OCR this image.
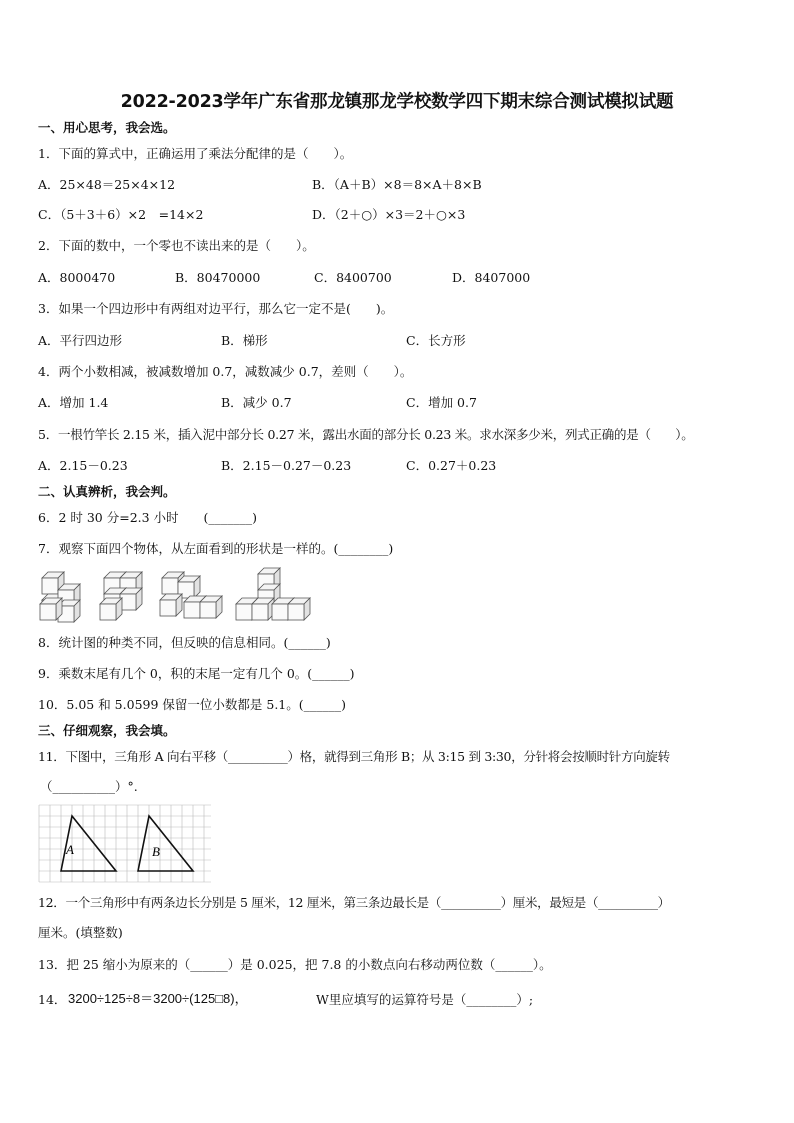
2022-2023学年广东省那龙镇那龙学校数学四下期末综合测试模拟试题
一、用心思考，我会选。
1．下面的算式中，正确运用了乘法分配律的是（　　）。
A．25×48＝25×4×12	B．（A＋B）×8＝8×A＋8×B
C．（5＋3＋6）×2　=14×2	D．（2＋○）×3＝2＋○×3
2．下面的数中，一个零也不读出来的是（　　）。
A．8000470	B．80470000	C．8400700	D．8407000
3．如果一个四边形中有两组对边平行，那么它一定不是(　　)。
A．平行四边形	B．梯形	C．长方形
4．两个小数相减，被减数增加 0.7，减数减少 0.7，差则（　　）。
A．增加 1.4	B．减少 0.7	C．增加 0.7
5．一根竹竿长 2.15 米，插入泥中部分长 0.27 米，露出水面的部分长 0.23 米。求水深多少米，列式正确的是（　　）。
A．2.15－0.23	B．2.15－0.27－0.23	C．0.27＋0.23
二、认真辨析，我会判。
6．2 时 30 分=2.3 小时　　(_______)
7．观察下面四个物体，从左面看到的形状是一样的。(________)
8．统计图的种类不同，但反映的信息相同。(______)
9．乘数末尾有几个 0，积的末尾一定有几个 0。(______)
10．5.05 和 5.0599 保留一位小数都是 5.1。(______)
三、仔细观察，我会填。
11．下图中，三角形 A 向右平移（__________）格，就得到三角形 B；从 3:15 到 3:30，分针将会按顺时针方向旋转
（__________）°.
A	B
12．一个三角形中有两条边长分别是 5 厘米，12 厘米，第三条边最长是（__________）厘米，最短是（__________）
厘米。(填整数)
13．把 25 缩小为原来的（______）是 0.025，把 7.8 的小数点向右移动两位数（______）。
14． 3200÷125÷8＝3200÷(125□8)，	W里应填写的运算符号是（________）;
